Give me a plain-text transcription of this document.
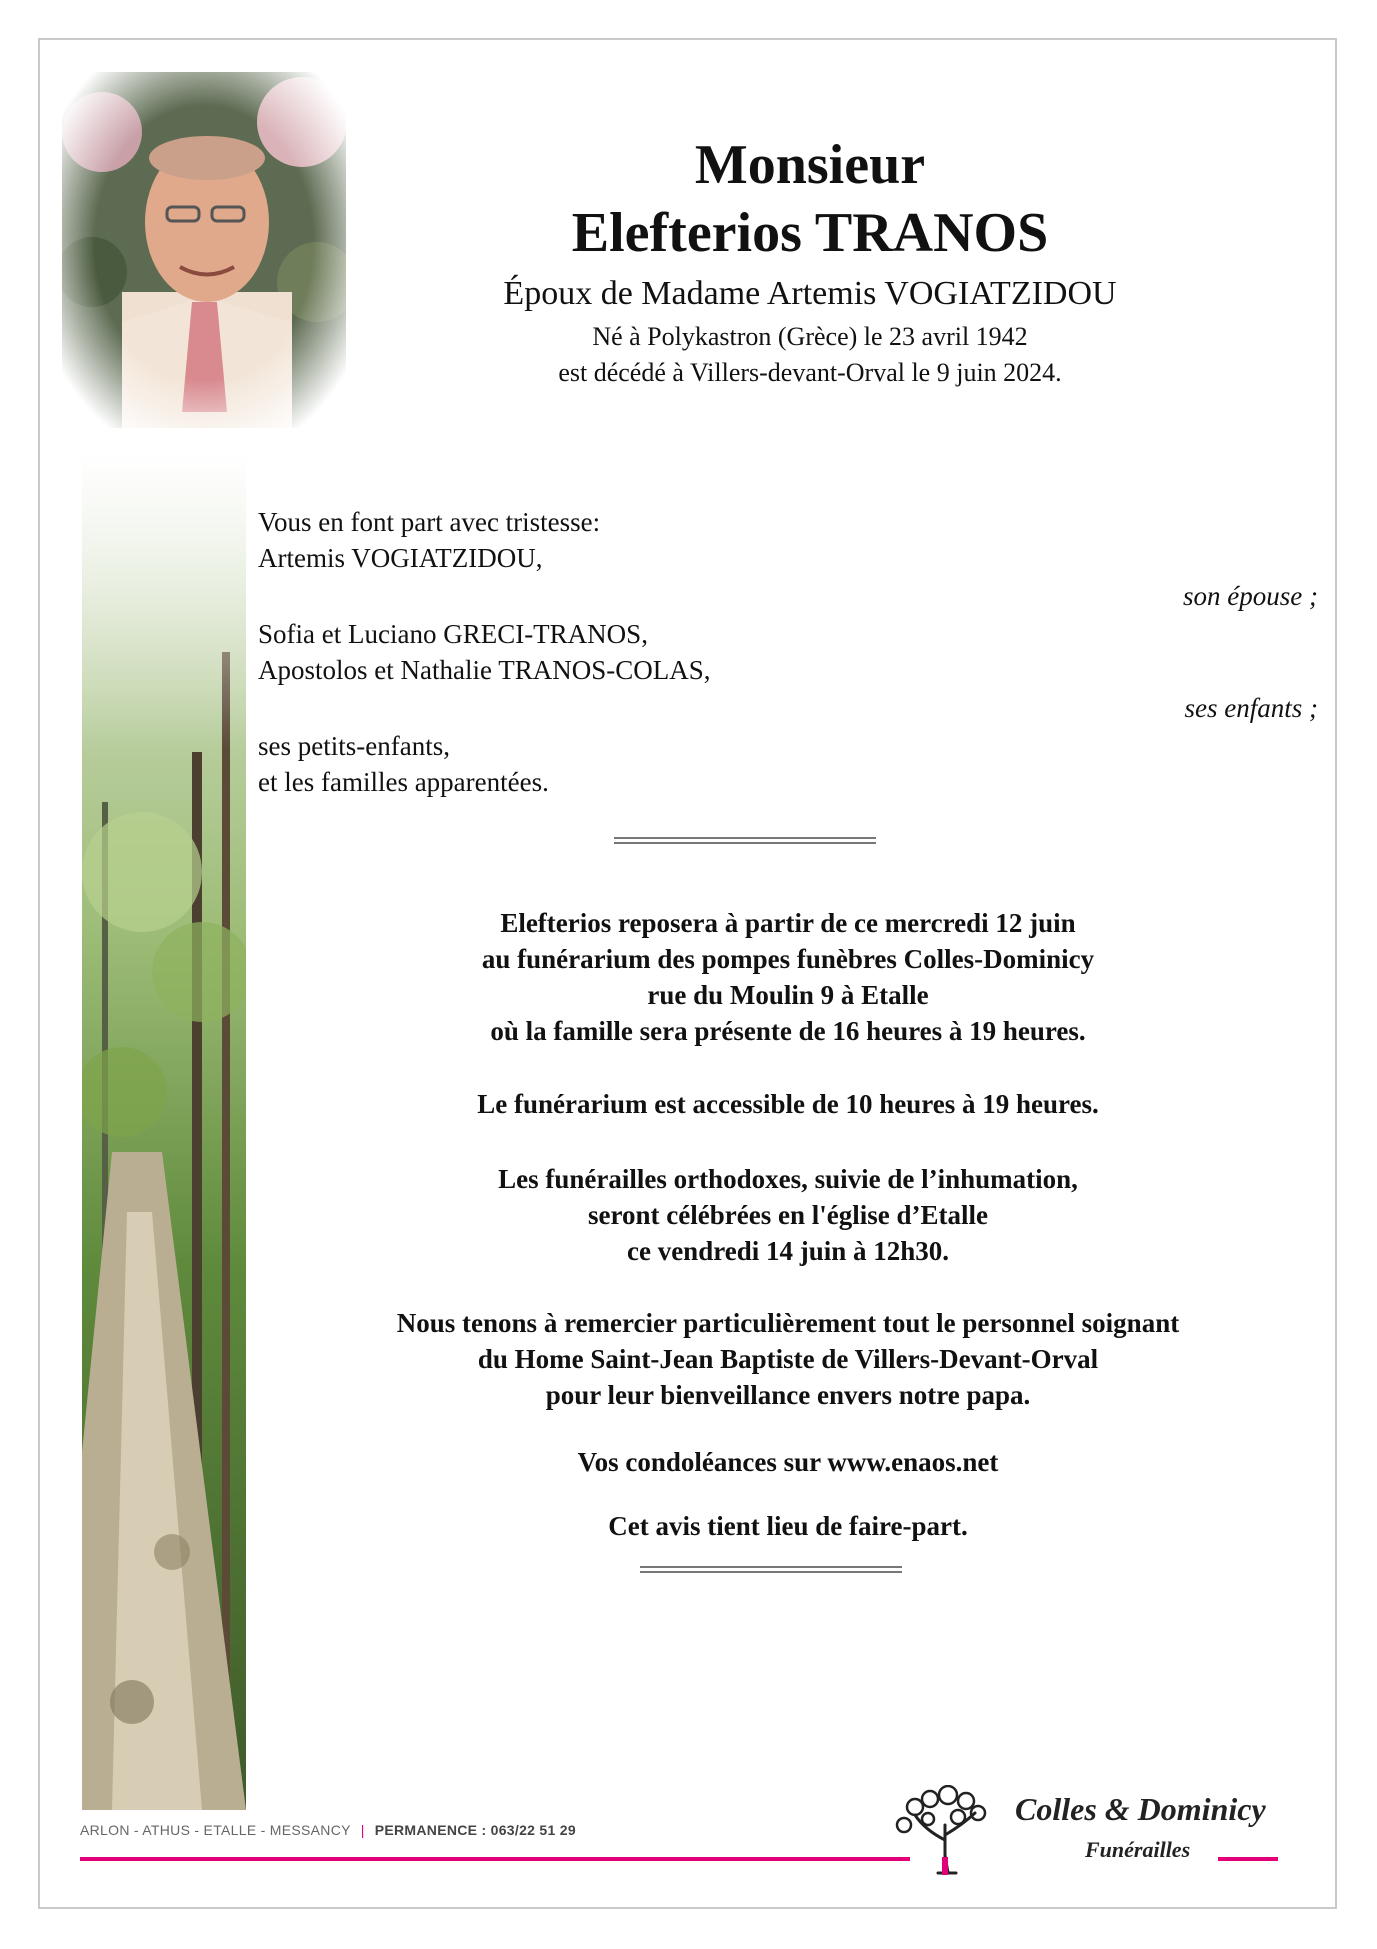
Monsieur
Elefterios TRANOS
Époux de Madame Artemis VOGIATZIDOU
Né à Polykastron (Grèce) le 23 avril 1942
est décédé à Villers-devant-Orval le 9 juin 2024.
Vous en font part avec tristesse:
Artemis VOGIATZIDOU,
son épouse ;
Sofia et Luciano GRECI-TRANOS,
Apostolos et Nathalie TRANOS-COLAS,
ses enfants ;
ses petits-enfants,
et les familles apparentées.
Elefterios reposera à partir de ce mercredi 12 juin
au funérarium des pompes funèbres Colles-Dominicy
rue du Moulin 9 à Etalle
où la famille sera présente de 16 heures à 19 heures.
Le funérarium est accessible de 10 heures à 19 heures.
Les funérailles orthodoxes, suivie de l’inhumation,
seront célébrées en l'église d’Etalle
ce vendredi 14 juin à 12h30.
Nous tenons à remercier particulièrement tout le personnel soignant
du Home Saint-Jean Baptiste de Villers-Devant-Orval
pour leur bienveillance envers notre papa.
Vos condoléances sur www.enaos.net
Cet avis tient lieu de faire-part.
ARLON - ATHUS - ETALLE - MESSANCY | PERMANENCE : 063/22 51 29
Colles & Dominicy
Funérailles
